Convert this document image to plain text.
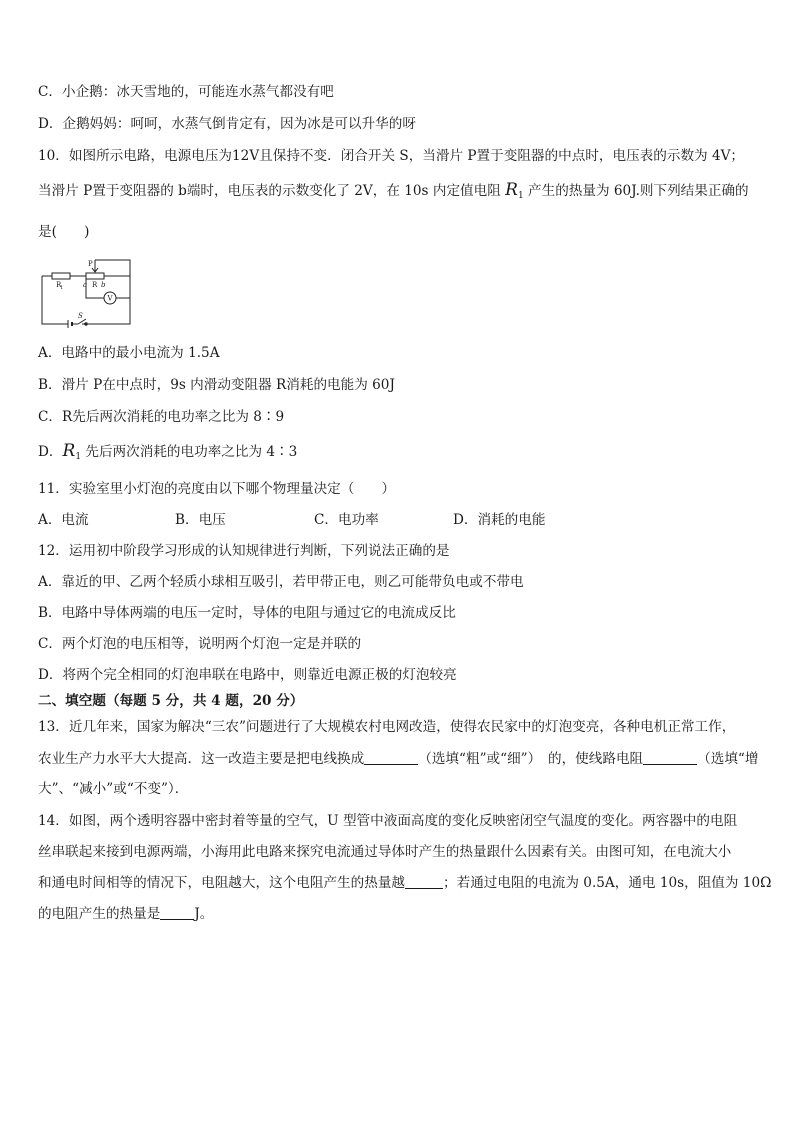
C．小企鹅：冰天雪地的，可能连水蒸气都没有吧
D．企鹅妈妈：呵呵，水蒸气倒肯定有，因为冰是可以升华的呀
10．如图所示电路，电源电压为12V且保持不变．闭合开关 S，当滑片 P置于变阻器的中点时，电压表的示数为 4V；
当滑片 P置于变阻器的 b端时，电压表的示数变化了 2V，在 10s 内定值电阻 $R_1$ 产生的热量为 60J.则下列结果正确的
是(　　)
R
1
P
a R b
V
S
A．电路中的最小电流为 1.5A
B．滑片 P在中点时，9s 内滑动变阻器 R消耗的电能为 60J
C．R先后两次消耗的电功率之比为 8∶9
D．$R_1$ 先后两次消耗的电功率之比为 4∶3
11．实验室里小灯泡的亮度由以下哪个物理量决定（　　）
A．电流	B．电压	C．电功率	D．消耗的电能
12．运用初中阶段学习形成的认知规律进行判断，下列说法正确的是
A．靠近的甲、乙两个轻质小球相互吸引，若甲带正电，则乙可能带负电或不带电
B．电路中导体两端的电压一定时，导体的电阻与通过它的电流成反比
C．两个灯泡的电压相等，说明两个灯泡一定是并联的
D．将两个完全相同的灯泡串联在电路中，则靠近电源正极的灯泡较亮
二、填空题（每题 5 分，共 4 题，20 分）
13．近几年来，国家为解决“三农”问题进行了大规模农村电网改造，使得农民家中的灯泡变亮，各种电机正常工作，
农业生产力水平大大提高．这一改造主要是把电线换成	（选填“粗”或“细”）　的，使线路电阻	（选填“增
大”、“减小”或“不变”）．
14．如图，两个透明容器中密封着等量的空气，U 型管中液面高度的变化反映密闭空气温度的变化。两容器中的电阻
丝串联起来接到电源两端，小海用此电路来探究电流通过导体时产生的热量跟什么因素有关。由图可知，在电流大小
和通电时间相等的情况下，电阻越大，这个电阻产生的热量越	；若通过电阻的电流为 0.5A，通电 10s，阻值为 10Ω
的电阻产生的热量是	J。
